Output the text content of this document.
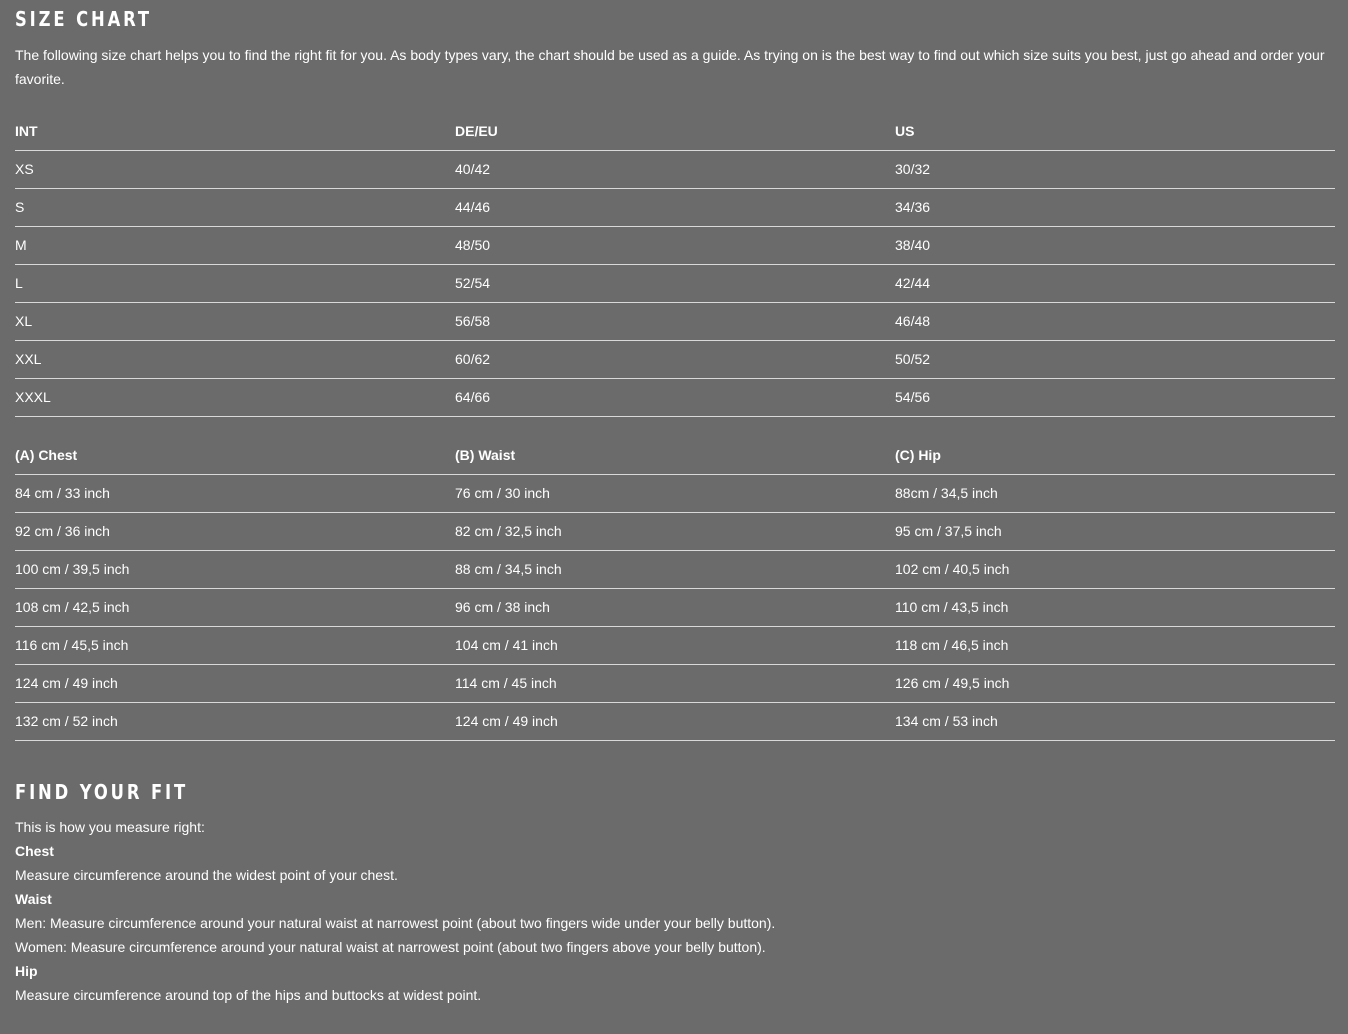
SIZE CHART

The following size chart helps you to find the right fit for you. As body types vary, the chart should be used as a guide. As trying on is the best way to find out which size suits you best, just go ahead and order your favorite.

INT	DE/EU	US
XS	40/42	30/32
S	44/46	34/36
M	48/50	38/40
L	52/54	42/44
XL	56/58	46/48
XXL	60/62	50/52
XXXL	64/66	54/56
(A) Chest	(B) Waist	(C) Hip
84 cm / 33 inch	76 cm / 30 inch	88cm / 34,5 inch
92 cm / 36 inch	82 cm / 32,5 inch	95 cm / 37,5 inch
100 cm / 39,5 inch	88 cm / 34,5 inch	102 cm / 40,5 inch
108 cm / 42,5 inch	96 cm / 38 inch	110 cm / 43,5 inch
116 cm / 45,5 inch	104 cm / 41 inch	118 cm / 46,5 inch
124 cm / 49 inch	114 cm / 45 inch	126 cm / 49,5 inch
132 cm / 52 inch	124 cm / 49 inch	134 cm / 53 inch
FIND YOUR FIT
This is how you measure right:
Chest
Measure circumference around the widest point of your chest.
Waist
Men: Measure circumference around your natural waist at narrowest point (about two fingers wide under your belly button).
Women: Measure circumference around your natural waist at narrowest point (about two fingers above your belly button).
Hip
Measure circumference around top of the hips and buttocks at widest point.
